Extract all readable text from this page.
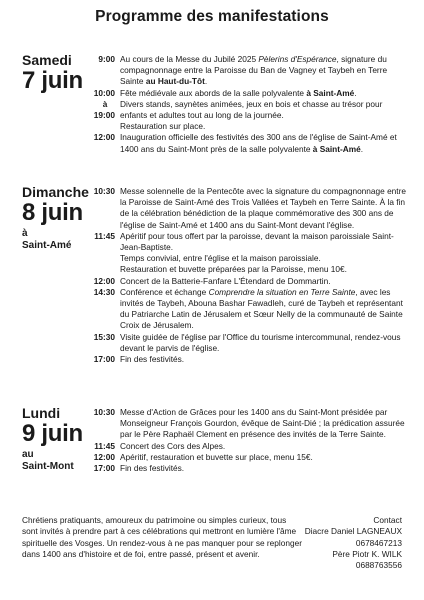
Programme des manifestations
Samedi
7 juin
9:00 Au cours de la Messe du Jubilé 2025 Pèlerins d'Espérance, signature du compagnonnage entre la Paroisse du Ban de Vagney et Taybeh en Terre Sainte au Haut-du-Tôt.
10:00 Fête médiévale aux abords de la salle polyvalente à Saint-Amé.
à	Divers stands, saynètes animées, jeux en bois et chasse au trésor pour
19:00 enfants et adultes tout au long de la journée.
Restauration sur place.
12:00 Inauguration officielle des festivités des 300 ans de l'église de Saint-Amé et 1400 ans du Saint-Mont près de la salle polyvalente à Saint-Amé.
Dimanche
8 juin
à
Saint-Amé
10:30 Messe solennelle de la Pentecôte avec la signature du compagnonnage entre la Paroisse de Saint-Amé des Trois Vallées et Taybeh en Terre Sainte. À la fin de la célébration bénédiction de la plaque commémorative des 300 ans de l'église de Saint-Amé et 1400 ans du Saint-Mont devant l'église.
11:45 Apéritif pour tous offert par la paroisse, devant la maison paroissiale Saint-Jean-Baptiste.
Temps convivial, entre l'église et la maison paroissiale.
Restauration et buvette préparées par la Paroisse, menu 10€.
12:00 Concert de la Batterie-Fanfare L'Étendard de Dommartin.
14:30 Conférence et échange Comprendre la situation en Terre Sainte, avec les invités de Taybeh, Abouna Bashar Fawadleh, curé de Taybeh et représentant du Patriarche Latin de Jérusalem et Sœur Nelly de la communauté de Sainte Croix de Jérusalem.
15:30 Visite guidée de l'église par l'Office du tourisme intercommunal, rendez-vous devant le parvis de l'église.
17:00 Fin des festivités.
Lundi
9 juin
au
Saint-Mont
10:30 Messe d'Action de Grâces pour les 1400 ans du Saint-Mont présidée par Monseigneur François Gourdon, évêque de Saint-Dié ; la prédication assurée par le Père Raphaël Clement en présence des invités de la Terre Sainte.
11:45 Concert des Cors des Alpes.
12:00 Apéritif, restauration et buvette sur place, menu 15€.
17:00 Fin des festivités.
Chrétiens pratiquants, amoureux du patrimoine ou simples curieux, tous sont invités à prendre part à ces célébrations qui mettront en lumière l'âme spirituelle des Vosges. Un rendez-vous à ne pas manquer pour se replonger dans 1400 ans d'histoire et de foi, entre passé, présent et avenir.
Contact
Diacre Daniel LAGNEAUX
0678467213
Père Piotr K. WILK
0688763556
